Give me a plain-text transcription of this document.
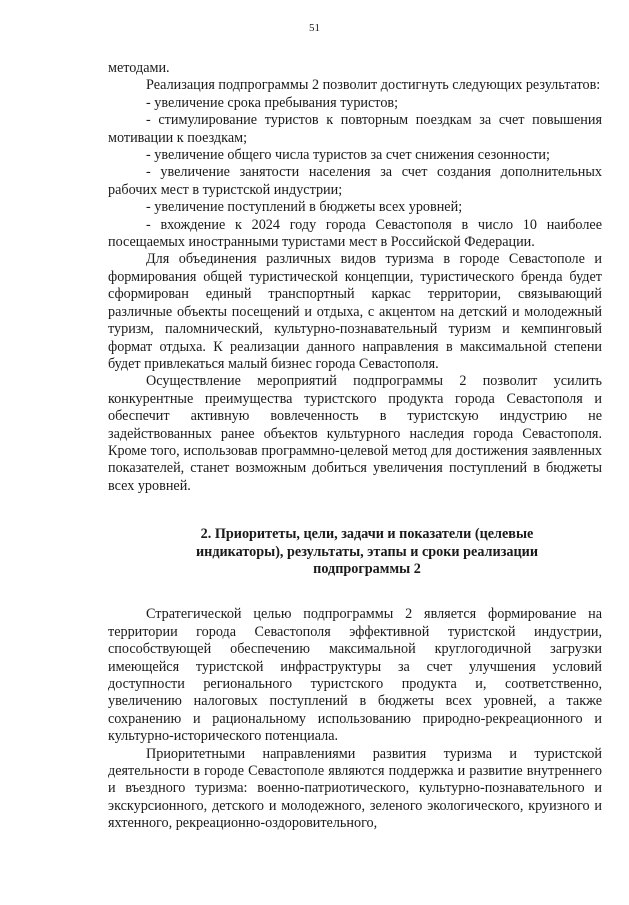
51

методами.

Реализация подпрограммы 2 позволит достигнуть следующих результатов:

- увеличение срока пребывания туристов;

- стимулирование туристов к повторным поездкам за счет повышения мотивации к поездкам;

- увеличение общего числа туристов за счет снижения сезонности;

- увеличение занятости населения за счет создания дополнительных рабочих мест в туристской индустрии;

- увеличение поступлений в бюджеты всех уровней;

- вхождение к 2024 году города Севастополя в число 10 наиболее посещаемых иностранными туристами мест в Российской Федерации.

Для объединения различных видов туризма в городе Севастополе и формирования общей туристической концепции, туристического бренда будет сформирован единый транспортный каркас территории, связывающий различные объекты посещений и отдыха, с акцентом на детский и молодежный туризм, паломнический, культурно-познавательный туризм и кемпинговый формат отдыха. К реализации данного направления в максимальной степени будет привлекаться малый бизнес города Севастополя.

Осуществление мероприятий подпрограммы 2 позволит усилить конкурентные преимущества туристского продукта города Севастополя и обеспечит активную вовлеченность в туристскую индустрию не задействованных ранее объектов культурного наследия города Севастополя. Кроме того, использовав программно-целевой метод для достижения заявленных показателей, станет возможным добиться увеличения поступлений в бюджеты всех уровней.

2. Приоритеты, цели, задачи и показатели (целевые
индикаторы), результаты, этапы и сроки реализации
подпрограммы 2

Стратегической целью подпрограммы 2 является формирование на территории города Севастополя эффективной туристской индустрии, способствующей обеспечению максимальной круглогодичной загрузки имеющейся туристской инфраструктуры за счет улучшения условий доступности регионального туристского продукта и, соответственно, увеличению налоговых поступлений в бюджеты всех уровней, а также сохранению и рациональному использованию природно-рекреационного и культурно-исторического потенциала.

Приоритетными направлениями развития туризма и туристской деятельности в городе Севастополе являются поддержка и развитие внутреннего и въездного туризма: военно-патриотического, культурно-познавательного и экскурсионного, детского и молодежного, зеленого экологического, круизного и яхтенного, рекреационно-оздоровительного,
